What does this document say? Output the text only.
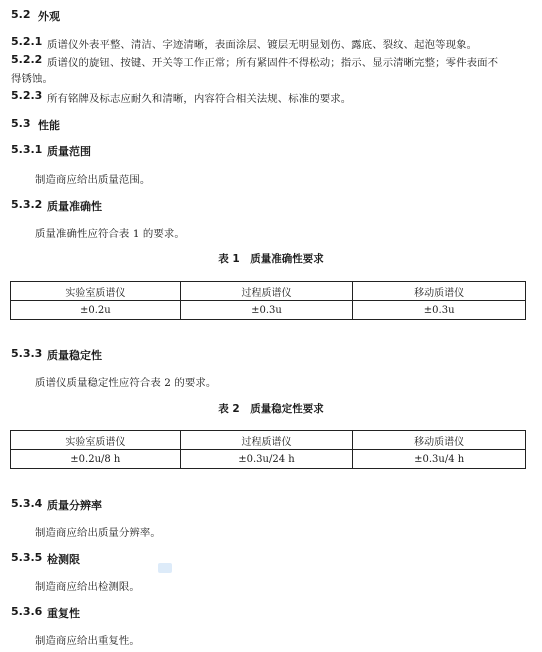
5.2 外观
5.2.1 质谱仪外表平整、清洁、字迹清晰，表面涂层、镀层无明显划伤、露底、裂纹、起泡等现象。
5.2.2 质谱仪的旋钮、按键、开关等工作正常；所有紧固件不得松动；指示、显示清晰完整；零件表面不
得锈蚀。
5.2.3 所有铭牌及标志应耐久和清晰，内容符合相关法规、标准的要求。
5.3 性能
5.3.1 质量范围
制造商应给出质量范围。
5.3.2 质量准确性
质量准确性应符合表 1 的要求。
表 1　质量准确性要求
实验室质谱仪	过程质谱仪	移动质谱仪
±0.2u	±0.3u	±0.3u
5.3.3 质量稳定性
质谱仪质量稳定性应符合表 2 的要求。
表 2　质量稳定性要求
实验室质谱仪	过程质谱仪	移动质谱仪
±0.2u/8 h	±0.3u/24 h	±0.3u/4 h
5.3.4 质量分辨率
制造商应给出质量分辨率。
5.3.5 检测限
制造商应给出检测限。
5.3.6 重复性
制造商应给出重复性。
